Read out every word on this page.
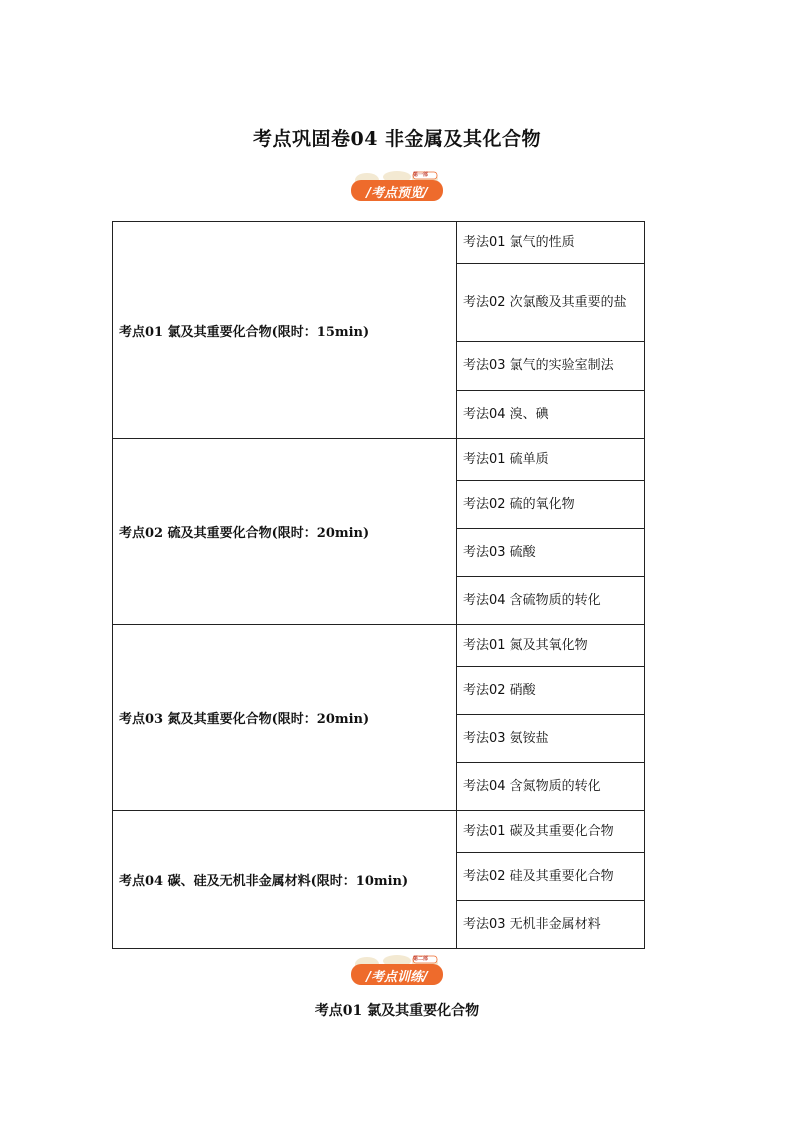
考点巩固卷04 非金属及其化合物
第一部
/考点预览/
考点01 氯及其重要化合物(限时：15min)	考法01 氯气的性质
	考法02 次氯酸及其重要的盐
	考法03 氯气的实验室制法
	考法04 溴、碘
考点02 硫及其重要化合物(限时：20min)	考法01 硫单质
	考法02 硫的氧化物
	考法03 硫酸
	考法04 含硫物质的转化
考点03 氮及其重要化合物(限时：20min)	考法01 氮及其氧化物
	考法02 硝酸
	考法03 氨铵盐
	考法04 含氮物质的转化
考点04 碳、硅及无机非金属材料(限时：10min)	考法01 碳及其重要化合物
	考法02 硅及其重要化合物
	考法03 无机非金属材料
第二部
/考点训练/
考点01 氯及其重要化合物
